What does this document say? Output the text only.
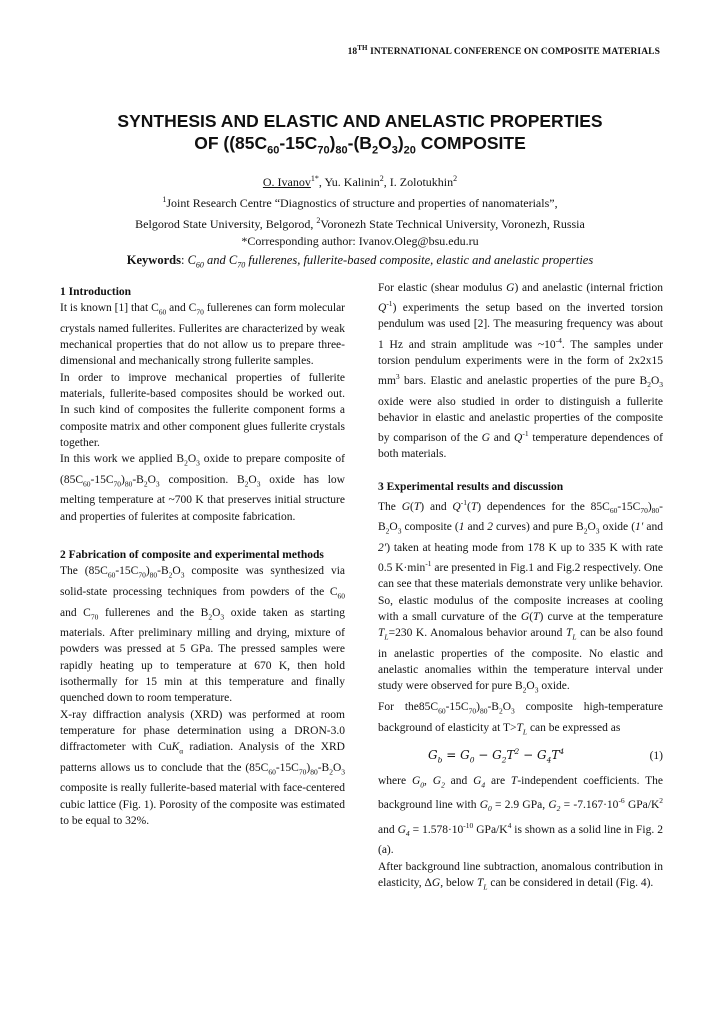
18TH INTERNATIONAL CONFERENCE ON COMPOSITE MATERIALS
SYNTHESIS AND ELASTIC AND ANELASTIC PROPERTIES
OF ($(85C_{60}-15C_{70})_{80}-(B_2O_3)_{20}$ COMPOSITE
O. Ivanov$^{1*}$, Yu. Kalinin$^2$, I. Zolotukhin$^2$
$^1$Joint Research Centre “Diagnostics of structure and properties of nanomaterials”,
Belgorod State University, Belgorod, $^2$Voronezh State Technical University, Voronezh, Russia
*Corresponding author: Ivanov.Oleg@bsu.edu.ru
Keywords: $C_{60}$ and $C_{70}$ fullerenes, fullerite-based composite, elastic and anelastic properties

1 Introduction

It is known [1] that $C_{60}$ and $C_{70}$ fullerenes can form molecular crystals named fullerites. Fullerites are characterized by weak mechanical properties that do not allow us to prepare three-dimensional and mechanically strong fullerite samples.

In order to improve mechanical properties of fullerite materials, fullerite-based composites should be worked out. In such kind of composites the fullerite component forms a composite matrix and other component glues fullerite crystals together.

In this work we applied $B_2O_3$ oxide to prepare composite of $(85C_{60}-15C_{70})_{80}-B_2O_3$ composition. $B_2O_3$ oxide has low melting temperature at ~700 K that preserves initial structure and properties of fulerites at composite fabrication.

2 Fabrication of composite and experimental methods

The $(85C_{60}-15C_{70})_{80}-B_2O_3$ composite was synthesized via solid-state processing techniques from powders of the $C_{60}$ and $C_{70}$ fullerenes and the $B_2O_3$ oxide taken as starting materials. After preliminary milling and drying, mixture of powders was pressed at 5 GPa. The pressed samples were rapidly heating up to temperature at 670 K, then hold isothermally for 15 min at this temperature and finally quenched down to room temperature.

X-ray diffraction analysis (XRD) was performed at room temperature for phase determination using a DRON-3.0 diffractometer with CuK$_\alpha$ radiation. Analysis of the XRD patterns allows us to conclude that the $(85C_{60}-15C_{70})_{80}-B_2O_3$ composite is really fullerite-based material with face-centered cubic lattice (Fig. 1). Porosity of the composite was estimated to be equal to 32%.

For elastic (shear modulus G) and anelastic (internal friction $Q^{-1}$) experiments the setup based on the inverted torsion pendulum was used [2]. The measuring frequency was about 1 Hz and strain amplitude was $\sim 10^{-4}$. The samples under torsion pendulum experiments were in the form of 2x2x15 $mm^3$ bars. Elastic and anelastic properties of the pure $B_2O_3$ oxide were also studied in order to distinguish a fullerite behavior in elastic and anelastic properties of the composite by comparison of the G and $Q^{-1}$ temperature dependences of both materials.

3 Experimental results and discussion

The G(T) and $Q^{-1}(T)$ dependences for the $85C_{60}-15C_{70})_{80}-B_2O_3$ composite (1 and 2 curves) and pure $B_2O_3$ oxide (1′ and 2′) taken at heating mode from 178 K up to 335 K with rate 0.5 $K\cdot\min^{-1}$ are presented in Fig.1 and Fig.2 respectively. One can see that these materials demonstrate very unlike behavior. So, elastic modulus of the composite increases at cooling with a small curvature of the G(T) curve at the temperature $T_L=230$ K. Anomalous behavior around $T_L$ can be also found in anelastic properties of the composite. No elastic and anelastic anomalies within the temperature interval under study were observed for pure $B_2O_3$ oxide.

For $the85C_{60}-15C_{70})_{80}-B_2O_3$ composite high-temperature background of elasticity at $T>T_L$ can be expressed as

$G_b = G_0 - G_2T^2 - G_4T^4$	(1)

where $G_0$, $G_2$ and $G_4$ are T-independent coefficients. The background line with $G_0 = 2.9$ GPa, $G_2 = -7.167\cdot 10^{-6}$ GPa/$K^2$ and $G_4 = 1.578\cdot 10^{-10}$ GPa/$K^4$ is shown as a solid line in Fig. 2 (a).

After background line subtraction, anomalous contribution in elasticity, ΔG, below $T_L$ can be considered in detail (Fig. 4).
